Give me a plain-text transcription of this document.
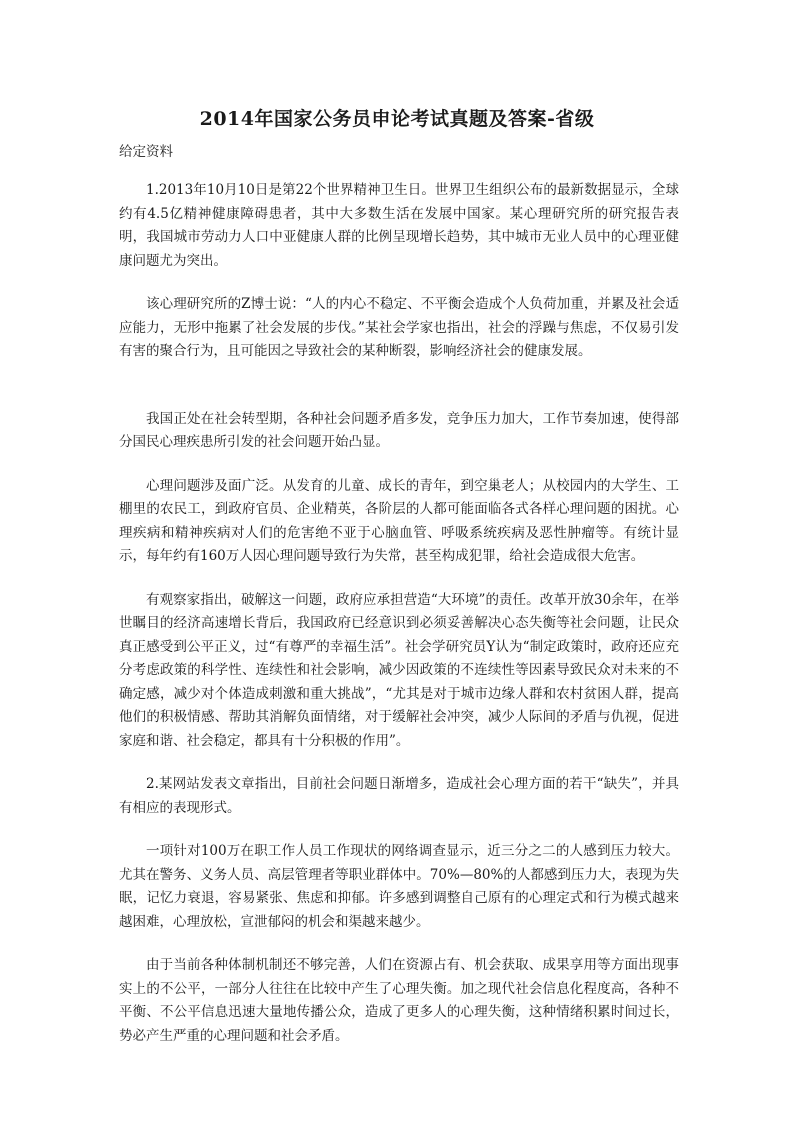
2014年国家公务员申论考试真题及答案-省级

给定资料

1.2013年10月10日是第22个世界精神卫生日。世界卫生组织公布的最新数据显示，全球约有4.5亿精神健康障碍患者，其中大多数生活在发展中国家。某心理研究所的研究报告表明，我国城市劳动力人口中亚健康人群的比例呈现增长趋势，其中城市无业人员中的心理亚健康问题尤为突出。

该心理研究所的Z博士说：“人的内心不稳定、不平衡会造成个人负荷加重，并累及社会适应能力，无形中拖累了社会发展的步伐。”某社会学家也指出，社会的浮躁与焦虑，不仅易引发有害的聚合行为，且可能因之导致社会的某种断裂，影响经济社会的健康发展。

我国正处在社会转型期，各种社会问题矛盾多发，竞争压力加大，工作节奏加速，使得部分国民心理疾患所引发的社会问题开始凸显。

心理问题涉及面广泛。从发育的儿童、成长的青年，到空巢老人；从校园内的大学生、工棚里的农民工，到政府官员、企业精英，各阶层的人都可能面临各式各样心理问题的困扰。心理疾病和精神疾病对人们的危害绝不亚于心脑血管、呼吸系统疾病及恶性肿瘤等。有统计显示，每年约有160万人因心理问题导致行为失常，甚至构成犯罪，给社会造成很大危害。

有观察家指出，破解这一问题，政府应承担营造“大环境”的责任。改革开放30余年，在举世瞩目的经济高速增长背后，我国政府已经意识到必须妥善解决心态失衡等社会问题，让民众真正感受到公平正义，过“有尊严的幸福生活”。社会学研究员Y认为“制定政策时，政府还应充分考虑政策的科学性、连续性和社会影响，减少因政策的不连续性等因素导致民众对未来的不确定感，减少对个体造成刺激和重大挑战”，“尤其是对于城市边缘人群和农村贫困人群，提高他们的积极情感、帮助其消解负面情绪，对于缓解社会冲突，减少人际间的矛盾与仇视，促进家庭和谐、社会稳定，都具有十分积极的作用”。

2.某网站发表文章指出，目前社会问题日渐增多，造成社会心理方面的若干“缺失”，并具有相应的表现形式。

一项针对100万在职工作人员工作现状的网络调查显示，近三分之二的人感到压力较大。尤其在警务、义务人员、高层管理者等职业群体中。70%—80%的人都感到压力大，表现为失眠，记忆力衰退，容易紧张、焦虑和抑郁。许多感到调整自己原有的心理定式和行为模式越来越困难，心理放松，宣泄郁闷的机会和渠越来越少。

由于当前各种体制机制还不够完善，人们在资源占有、机会获取、成果享用等方面出现事实上的不公平，一部分人往往在比较中产生了心理失衡。加之现代社会信息化程度高，各种不平衡、不公平信息迅速大量地传播公众，造成了更多人的心理失衡，这种情绪积累时间过长，势必产生严重的心理问题和社会矛盾。
